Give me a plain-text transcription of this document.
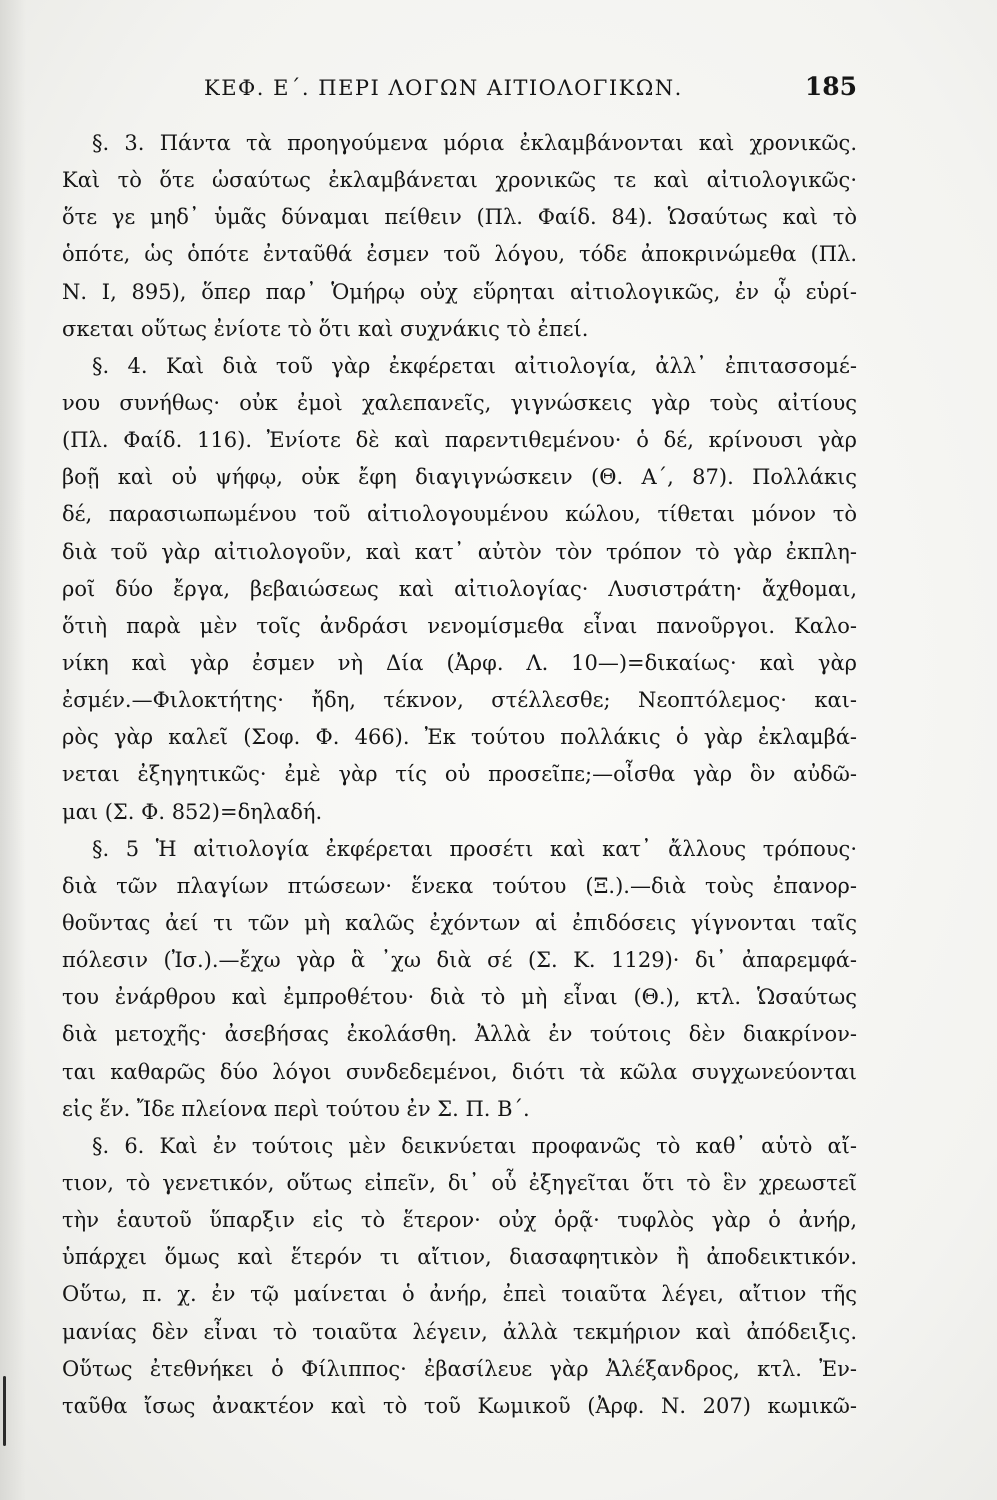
ΚΕΦ. Ε΄. ΠΕΡΙ ΛΟΓΩΝ ΑΙΤΙΟΛΟΓΙΚΩΝ.	185
§. 3. Πάντα τὰ προηγούμενα μόρια ἐκλαμβάνονται καὶ χρονικῶς.
Καὶ τὸ ὅτε ὡσαύτως ἐκλαμβάνεται χρονικῶς τε καὶ αἰτιολογικῶς·
ὅτε γε μηδ᾽ ὑμᾶς δύναμαι πείθειν (Πλ. Φαίδ. 84). Ὡσαύτως καὶ τὸ
ὁπότε, ὡς ὁπότε ἐνταῦθά ἐσμεν τοῦ λόγου, τόδε ἀποκρινώμεθα (Πλ.
Ν. Ι, 895), ὅπερ παρ᾽ Ὁμήρῳ οὐχ εὕρηται αἰτιολογικῶς, ἐν ᾧ εὑρί-
σκεται οὕτως ἐνίοτε τὸ ὅτι καὶ συχνάκις τὸ ἐπεί.
§. 4. Καὶ διὰ τοῦ γὰρ ἐκφέρεται αἰτιολογία, ἀλλ᾽ ἐπιτασσομέ-
νου συνήθως· οὐκ ἐμοὶ χαλεπανεῖς, γιγνώσκεις γὰρ τοὺς αἰτίους
(Πλ. Φαίδ. 116). Ἐνίοτε δὲ καὶ παρεντιθεμένου· ὁ δέ, κρίνουσι γὰρ
βοῇ καὶ οὐ ψήφῳ, οὐκ ἔφη διαγιγνώσκειν (Θ. Α΄, 87). Πολλάκις
δέ, παρασιωπωμένου τοῦ αἰτιολογουμένου κώλου, τίθεται μόνον τὸ
διὰ τοῦ γὰρ αἰτιολογοῦν, καὶ κατ᾽ αὐτὸν τὸν τρόπον τὸ γὰρ ἐκπλη-
ροῖ δύο ἔργα, βεβαιώσεως καὶ αἰτιολογίας· Λυσιστράτη· ἄχθομαι,
ὅτιὴ παρὰ μὲν τοῖς ἀνδράσι νενομίσμεθα εἶναι πανοῦργοι. Καλο-
νίκη καὶ γὰρ ἐσμεν νὴ Δία (Ἀρφ. Λ. 10—)=δικαίως· καὶ γὰρ
ἐσμέν.—Φιλοκτήτης· ἤδη, τέκνον, στέλλεσθε; Νεοπτόλεμος· και-
ρὸς γὰρ καλεῖ (Σοφ. Φ. 466). Ἐκ τούτου πολλάκις ὁ γὰρ ἐκλαμβά-
νεται ἐξηγητικῶς· ἐμὲ γὰρ τίς οὐ προσεῖπε;—οἶσθα γὰρ ὃν αὐδῶ-
μαι (Σ. Φ. 852)=δηλαδή.
§. 5 Ἡ αἰτιολογία ἐκφέρεται προσέτι καὶ κατ᾽ ἄλλους τρόπους·
διὰ τῶν πλαγίων πτώσεων· ἕνεκα τούτου (Ξ.).—διὰ τοὺς ἐπανορ-
θοῦντας ἀεί τι τῶν μὴ καλῶς ἐχόντων αἱ ἐπιδόσεις γίγνονται ταῖς
πόλεσιν (Ἰσ.).—ἔχω γὰρ ἃ ᾽χω διὰ σέ (Σ. Κ. 1129)· δι᾽ ἀπαρεμφά-
του ἐνάρθρου καὶ ἐμπροθέτου· διὰ τὸ μὴ εἶναι (Θ.), κτλ. Ὡσαύτως
διὰ μετοχῆς· ἀσεβήσας ἐκολάσθη. Ἀλλὰ ἐν τούτοις δὲν διακρίνον-
ται καθαρῶς δύο λόγοι συνδεδεμένοι, διότι τὰ κῶλα συγχωνεύονται
εἰς ἕν. Ἴδε πλείονα περὶ τούτου ἐν Σ. Π. Β΄.
§. 6. Καὶ ἐν τούτοις μὲν δεικνύεται προφανῶς τὸ καθ᾽ αὑτὸ αἴ-
τιον, τὸ γενετικόν, οὕτως εἰπεῖν, δι᾽ οὗ ἐξηγεῖται ὅτι τὸ ἓν χρεωστεῖ
τὴν ἑαυτοῦ ὕπαρξιν εἰς τὸ ἕτερον· οὐχ ὁρᾷ· τυφλὸς γὰρ ὁ ἀνήρ,
ὑπάρχει ὅμως καὶ ἕτερόν τι αἴτιον, διασαφητικὸν ἢ ἀποδεικτικόν.
Οὕτω, π. χ. ἐν τῷ μαίνεται ὁ ἀνήρ, ἐπεὶ τοιαῦτα λέγει, αἴτιον τῆς
μανίας δὲν εἶναι τὸ τοιαῦτα λέγειν, ἀλλὰ τεκμήριον καὶ ἀπόδειξις.
Οὕτως ἐτεθνήκει ὁ Φίλιππος· ἐβασίλευε γὰρ Ἀλέξανδρος, κτλ. Ἐν-
ταῦθα ἴσως ἀνακτέον καὶ τὸ τοῦ Κωμικοῦ (Ἀρφ. Ν. 207) κωμικῶ-
